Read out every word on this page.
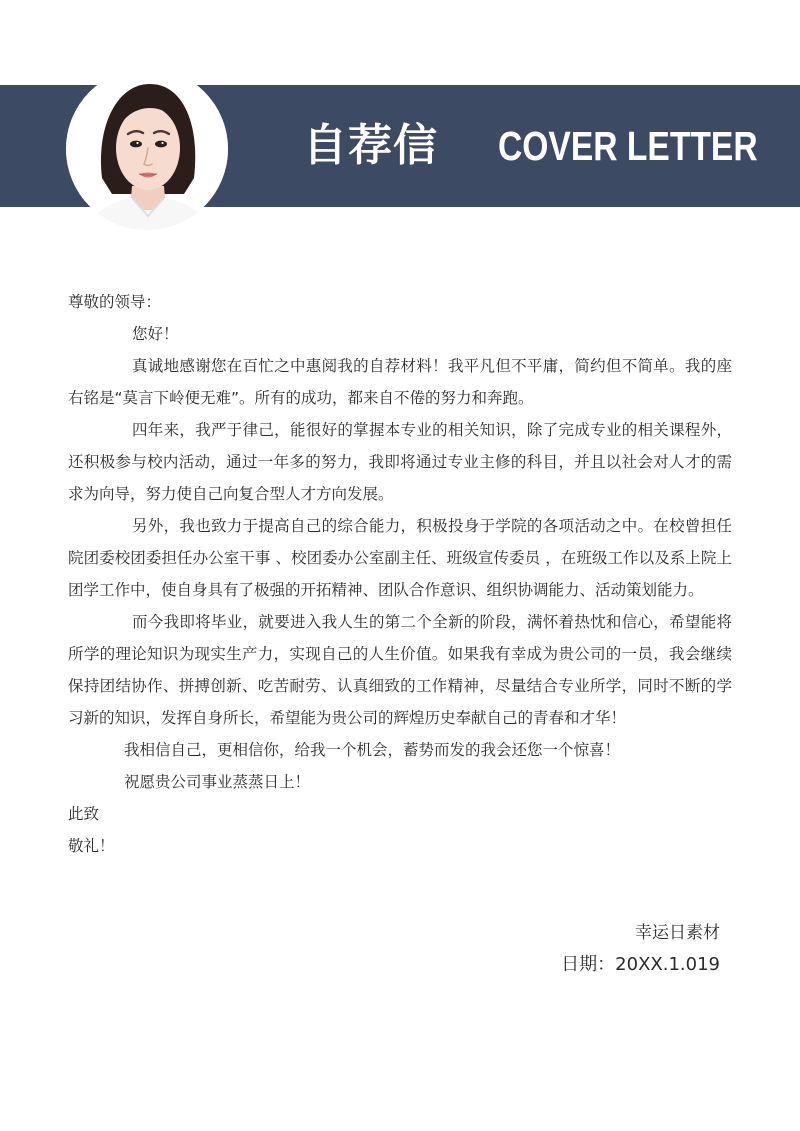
自荐信 COVER LETTER

尊敬的领导：

您好！

真诚地感谢您在百忙之中惠阅我的自荐材料！我平凡但不平庸，简约但不简单。我的座右铭是“莫言下岭便无难”。所有的成功，都来自不倦的努力和奔跑。

四年来，我严于律己，能很好的掌握本专业的相关知识，除了完成专业的相关课程外，还积极参与校内活动，通过一年多的努力，我即将通过专业主修的科目，并且以社会对人才的需求为向导，努力使自己向复合型人才方向发展。

另外，我也致力于提高自己的综合能力，积极投身于学院的各项活动之中。在校曾担任院团委校团委担任办公室干事 、校团委办公室副主任、班级宣传委员 ，在班级工作以及系上院上团学工作中，使自身具有了极强的开拓精神、团队合作意识、组织协调能力、活动策划能力。

而今我即将毕业，就要进入我人生的第二个全新的阶段，满怀着热忱和信心，希望能将所学的理论知识为现实生产力，实现自己的人生价值。如果我有幸成为贵公司的一员，我会继续保持团结协作、拼搏创新、吃苦耐劳、认真细致的工作精神，尽量结合专业所学，同时不断的学习新的知识，发挥自身所长，希望能为贵公司的辉煌历史奉献自己的青春和才华！

我相信自己，更相信你，给我一个机会，蓄势而发的我会还您一个惊喜！

祝愿贵公司事业蒸蒸日上！

此致

敬礼！

幸运日素材
日期：20XX.1.019
